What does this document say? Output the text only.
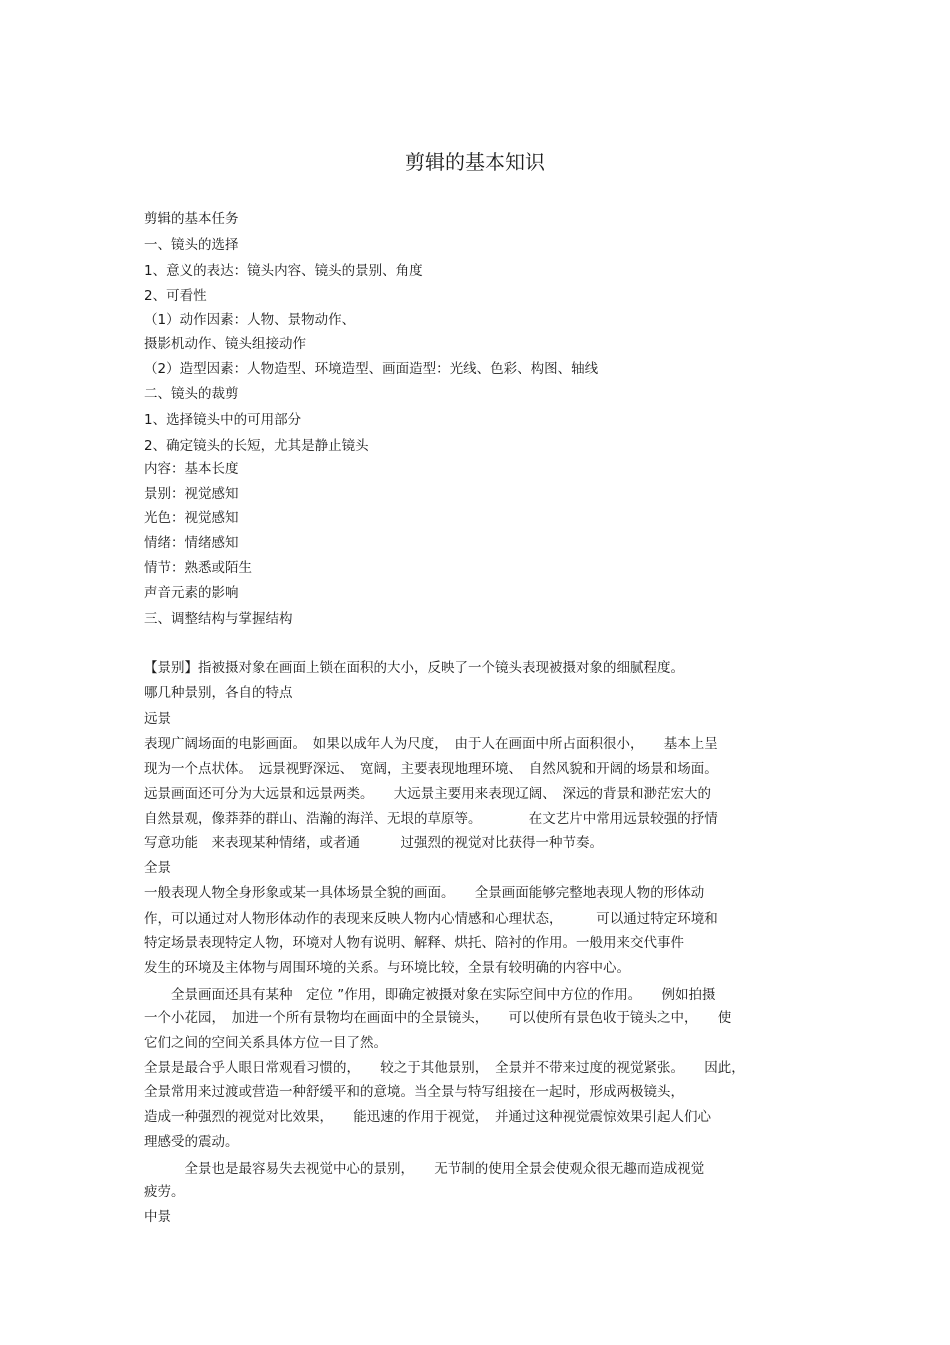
剪辑的基本知识
剪辑的基本任务
一、镜头的选择
1、意义的表达：镜头内容、镜头的景别、角度
2、可看性
（1）动作因素：人物、景物动作、
摄影机动作、镜头组接动作
（2）造型因素：人物造型、环境造型、画面造型：光线、色彩、构图、轴线
二、镜头的裁剪
1、选择镜头中的可用部分
2、确定镜头的长短，尤其是静止镜头
内容：基本长度
景别：视觉感知
光色：视觉感知
情绪：情绪感知
情节：熟悉或陌生
声音元素的影响
三、调整结构与掌握结构
【景别】指被摄对象在画面上锁在面积的大小，反映了一个镜头表现被摄对象的细腻程度。
哪几种景别，各自的特点
远景
表现广阔场面的电影画面。　如果以成年人为尺度，　由于人在画面中所占面积很小，　　基本上呈
现为一个点状体。　远景视野深远、　宽阔，主要表现地理环境、　自然风貌和开阔的场景和场面。
远景画面还可分为大远景和远景两类。　　大远景主要用来表现辽阔、　深远的背景和渺茫宏大的
自然景观，像莽莽的群山、浩瀚的海洋、无垠的草原等。　　　　在文艺片中常用远景较强的抒情
写意功能　来表现某种情绪，或者通　　　过强烈的视觉对比获得一种节奏。
全景
一般表现人物全身形象或某一具体场景全貌的画面。　　全景画面能够完整地表现人物的形体动
作，可以通过对人物形体动作的表现来反映人物内心情感和心理状态，　　　可以通过特定环境和
特定场景表现特定人物，环境对人物有说明、解释、烘托、陪衬的作用。一般用来交代事件
发生的环境及主体物与周围环境的关系。与环境比较，全景有较明确的内容中心。
　　全景画面还具有某种　定位 ”作用，即确定被摄对象在实际空间中方位的作用。　　例如拍摄
一个小花园，　加进一个所有景物均在画面中的全景镜头，　　可以使所有景色收于镜头之中，　　使
它们之间的空间关系具体方位一目了然。
全景是最合乎人眼日常观看习惯的，　　较之于其他景别，　全景并不带来过度的视觉紧张。　　因此，
全景常用来过渡或营造一种舒缓平和的意境。当全景与特写组接在一起时，形成两极镜头，
造成一种强烈的视觉对比效果，　　能迅速的作用于视觉，　并通过这种视觉震惊效果引起人们心
理感受的震动。
　　　全景也是最容易失去视觉中心的景别，　　无节制的使用全景会使观众很无趣而造成视觉
疲劳。
中景
